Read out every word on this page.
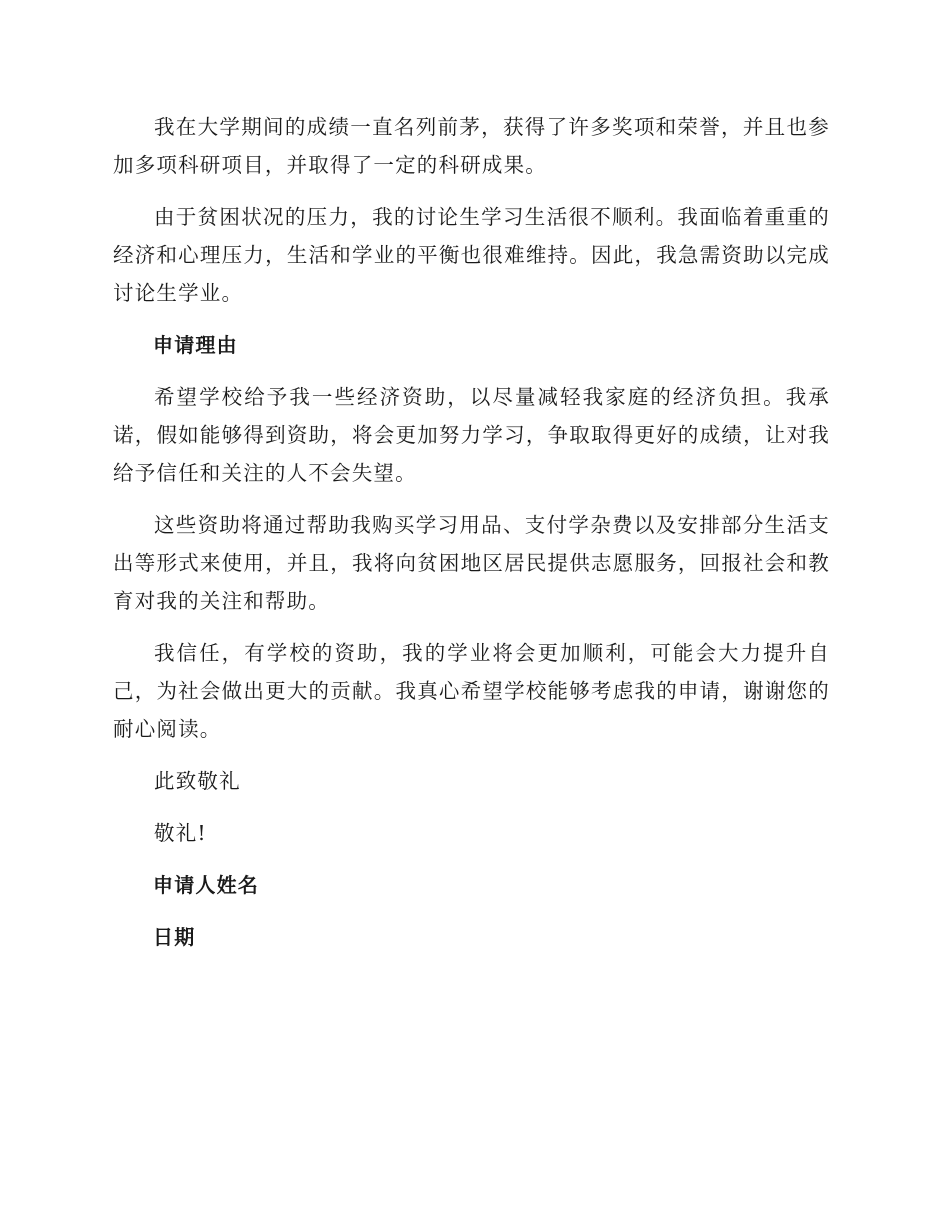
我在大学期间的成绩一直名列前茅，获得了许多奖项和荣誉，并且也参加多项科研项目，并取得了一定的科研成果。

由于贫困状况的压力，我的讨论生学习生活很不顺利。我面临着重重的经济和心理压力，生活和学业的平衡也很难维持。因此，我急需资助以完成讨论生学业。

申请理由

希望学校给予我一些经济资助，以尽量减轻我家庭的经济负担。我承诺，假如能够得到资助，将会更加努力学习，争取取得更好的成绩，让对我给予信任和关注的人不会失望。

这些资助将通过帮助我购买学习用品、支付学杂费以及安排部分生活支出等形式来使用，并且，我将向贫困地区居民提供志愿服务，回报社会和教育对我的关注和帮助。

我信任，有学校的资助，我的学业将会更加顺利，可能会大力提升自己，为社会做出更大的贡献。我真心希望学校能够考虑我的申请，谢谢您的耐心阅读。

此致敬礼

敬礼!

申请人姓名

日期
